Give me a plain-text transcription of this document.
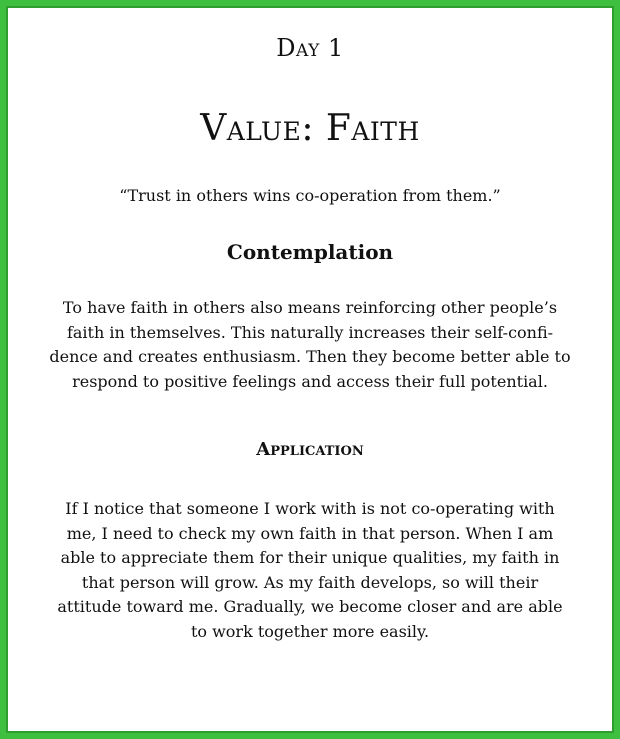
Day 1
Value: Faith
“Trust in others wins co-operation from them.”
Contemplation
To have faith in others also means reinforcing other people’s
faith in themselves. This naturally increases their self-confi-
dence and creates enthusiasm. Then they become better able to
respond to positive feelings and access their full potential.
Application
If I notice that someone I work with is not co-operating with
me, I need to check my own faith in that person. When I am
able to appreciate them for their unique qualities, my faith in
that person will grow. As my faith develops, so will their
attitude toward me. Gradually, we become closer and are able
to work together more easily.
